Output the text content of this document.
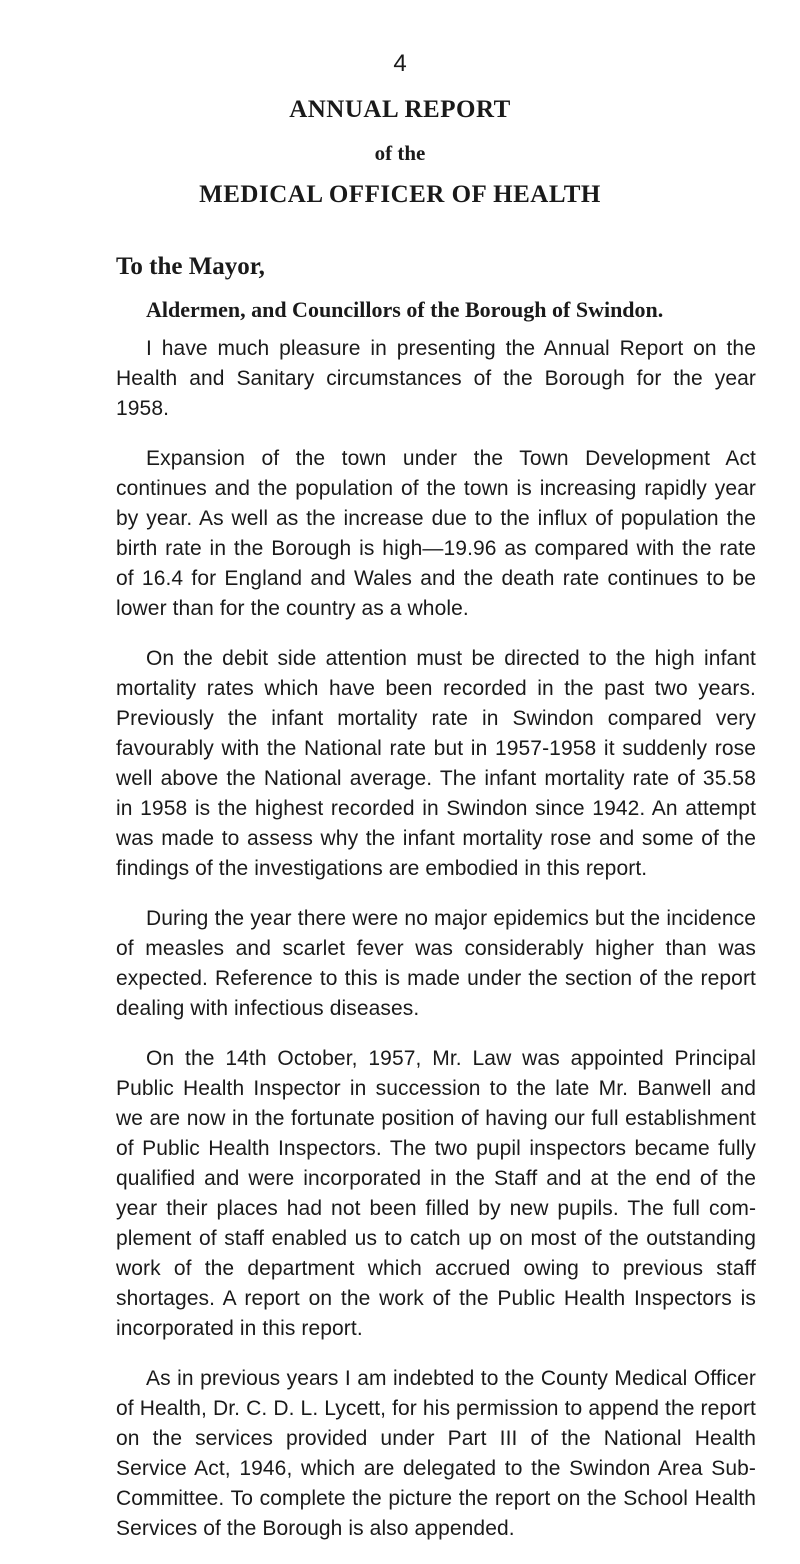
4
ANNUAL REPORT
of the
MEDICAL OFFICER OF HEALTH
To the Mayor,
Aldermen, and Councillors of the Borough of Swindon.

I have much pleasure in presenting the Annual Report on the Health and Sanitary circumstances of the Borough for the year 1958.

Expansion of the town under the Town Development Act continues and the population of the town is increasing rapidly year by year. As well as the increase due to the influx of population the birth rate in the Borough is high—19.96 as compared with the rate of 16.4 for England and Wales and the death rate continues to be lower than for the country as a whole.

On the debit side attention must be directed to the high infant mortality rates which have been recorded in the past two years. Previously the infant mortality rate in Swindon compared very favourably with the National rate but in 1957-1958 it suddenly rose well above the National average. The infant mortality rate of 35.58 in 1958 is the highest recorded in Swindon since 1942. An attempt was made to assess why the infant mortality rose and some of the findings of the investigations are embodied in this report.

During the year there were no major epidemics but the incidence of measles and scarlet fever was considerably higher than was expected. Reference to this is made under the section of the report dealing with infectious diseases.

On the 14th October, 1957, Mr. Law was appointed Principal Public Health Inspector in succession to the late Mr. Banwell and we are now in the fortunate position of having our full establishment of Public Health Inspectors. The two pupil inspectors became fully qualified and were incorporated in the Staff and at the end of the year their places had not been filled by new pupils. The full complement of staff enabled us to catch up on most of the outstanding work of the department which accrued owing to previous staff shortages. A report on the work of the Public Health Inspectors is incorporated in this report.

As in previous years I am indebted to the County Medical Officer of Health, Dr. C. D. L. Lycett, for his permission to append the report on the services provided under Part III of the National Health Service Act, 1946, which are delegated to the Swindon Area Sub-Committee. To complete the picture the report on the School Health Services of the Borough is also appended.
